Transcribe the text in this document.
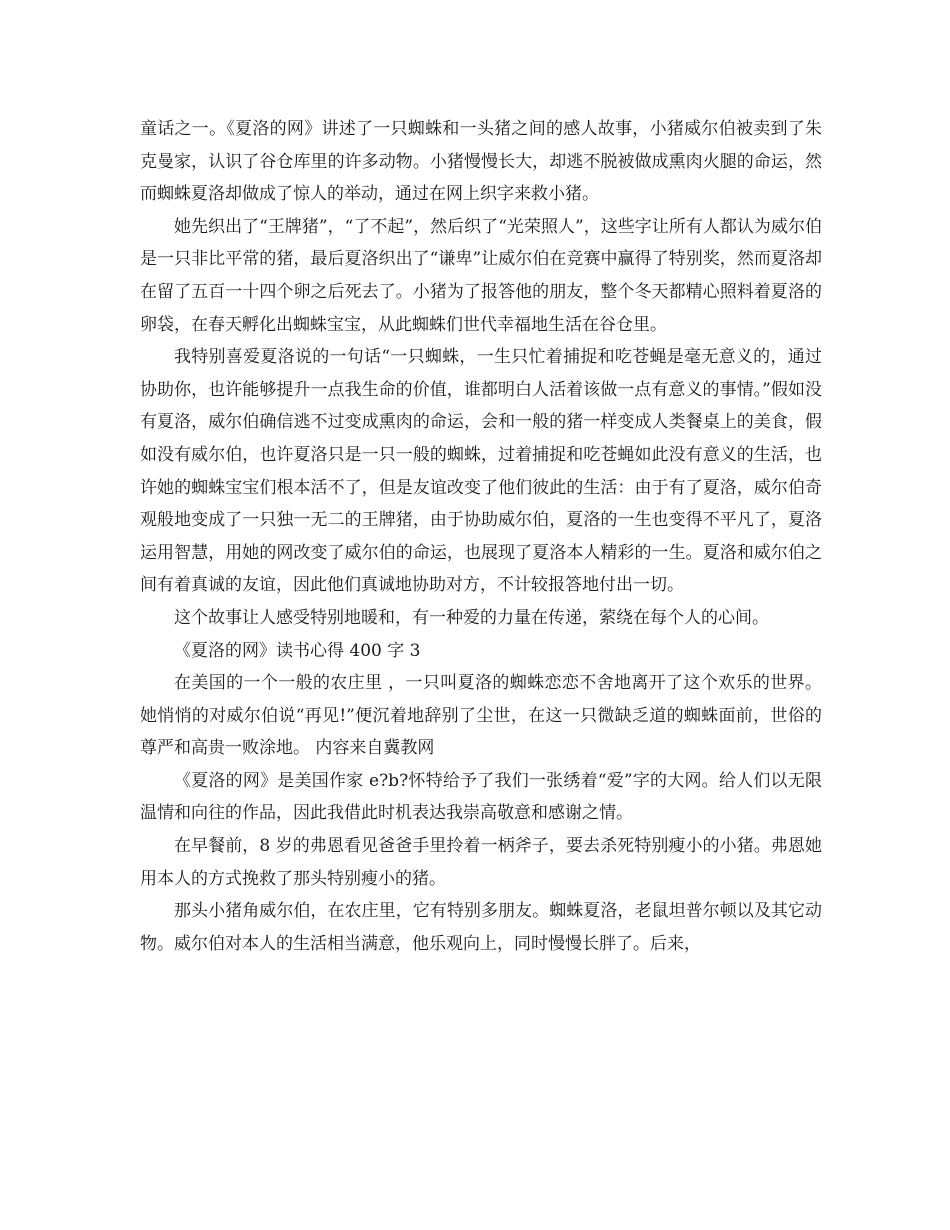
童话之一。《夏洛的网》讲述了一只蜘蛛和一头猪之间的感人故事，小猪威尔伯被卖到了朱克曼家，认识了谷仓库里的许多动物。小猪慢慢长大，却逃不脱被做成熏肉火腿的命运，然而蜘蛛夏洛却做成了惊人的举动，通过在网上织字来救小猪。

她先织出了“王牌猪”，“了不起”，然后织了“光荣照人”，这些字让所有人都认为威尔伯是一只非比平常的猪，最后夏洛织出了“谦卑”让威尔伯在竞赛中赢得了特别奖，然而夏洛却在留了五百一十四个卵之后死去了。小猪为了报答他的朋友，整个冬天都精心照料着夏洛的卵袋，在春天孵化出蜘蛛宝宝，从此蜘蛛们世代幸福地生活在谷仓里。

我特别喜爱夏洛说的一句话“一只蜘蛛，一生只忙着捕捉和吃苍蝇是毫无意义的，通过协助你，也许能够提升一点我生命的价值，谁都明白人活着该做一点有意义的事情。”假如没有夏洛，威尔伯确信逃不过变成熏肉的命运，会和一般的猪一样变成人类餐桌上的美食，假如没有威尔伯，也许夏洛只是一只一般的蜘蛛，过着捕捉和吃苍蝇如此没有意义的生活，也许她的蜘蛛宝宝们根本活不了，但是友谊改变了他们彼此的生活：由于有了夏洛，威尔伯奇观般地变成了一只独一无二的王牌猪，由于协助威尔伯，夏洛的一生也变得不平凡了，夏洛运用智慧，用她的网改变了威尔伯的命运，也展现了夏洛本人精彩的一生。夏洛和威尔伯之间有着真诚的友谊，因此他们真诚地协助对方，不计较报答地付出一切。

这个故事让人感受特别地暖和，有一种爱的力量在传递，萦绕在每个人的心间。

《夏洛的网》读书心得 400 字 3

在美国的一个一般的农庄里 ，一只叫夏洛的蜘蛛恋恋不舍地离开了这个欢乐的世界。她悄悄的对威尔伯说“再见!”便沉着地辞别了尘世，在这一只微缺乏道的蜘蛛面前，世俗的尊严和高贵一败涂地。 内容来自冀教网

《夏洛的网》是美国作家 e?b?怀特给予了我们一张绣着“爱”字的大网。给人们以无限温情和向往的作品，因此我借此时机表达我崇高敬意和感谢之情。

在早餐前，8 岁的弗恩看见爸爸手里拎着一柄斧子，要去杀死特别瘦小的小猪。弗恩她用本人的方式挽救了那头特别瘦小的猪。

那头小猪角威尔伯，在农庄里，它有特别多朋友。蜘蛛夏洛，老鼠坦普尔顿以及其它动物。威尔伯对本人的生活相当满意，他乐观向上，同时慢慢长胖了。后来，
